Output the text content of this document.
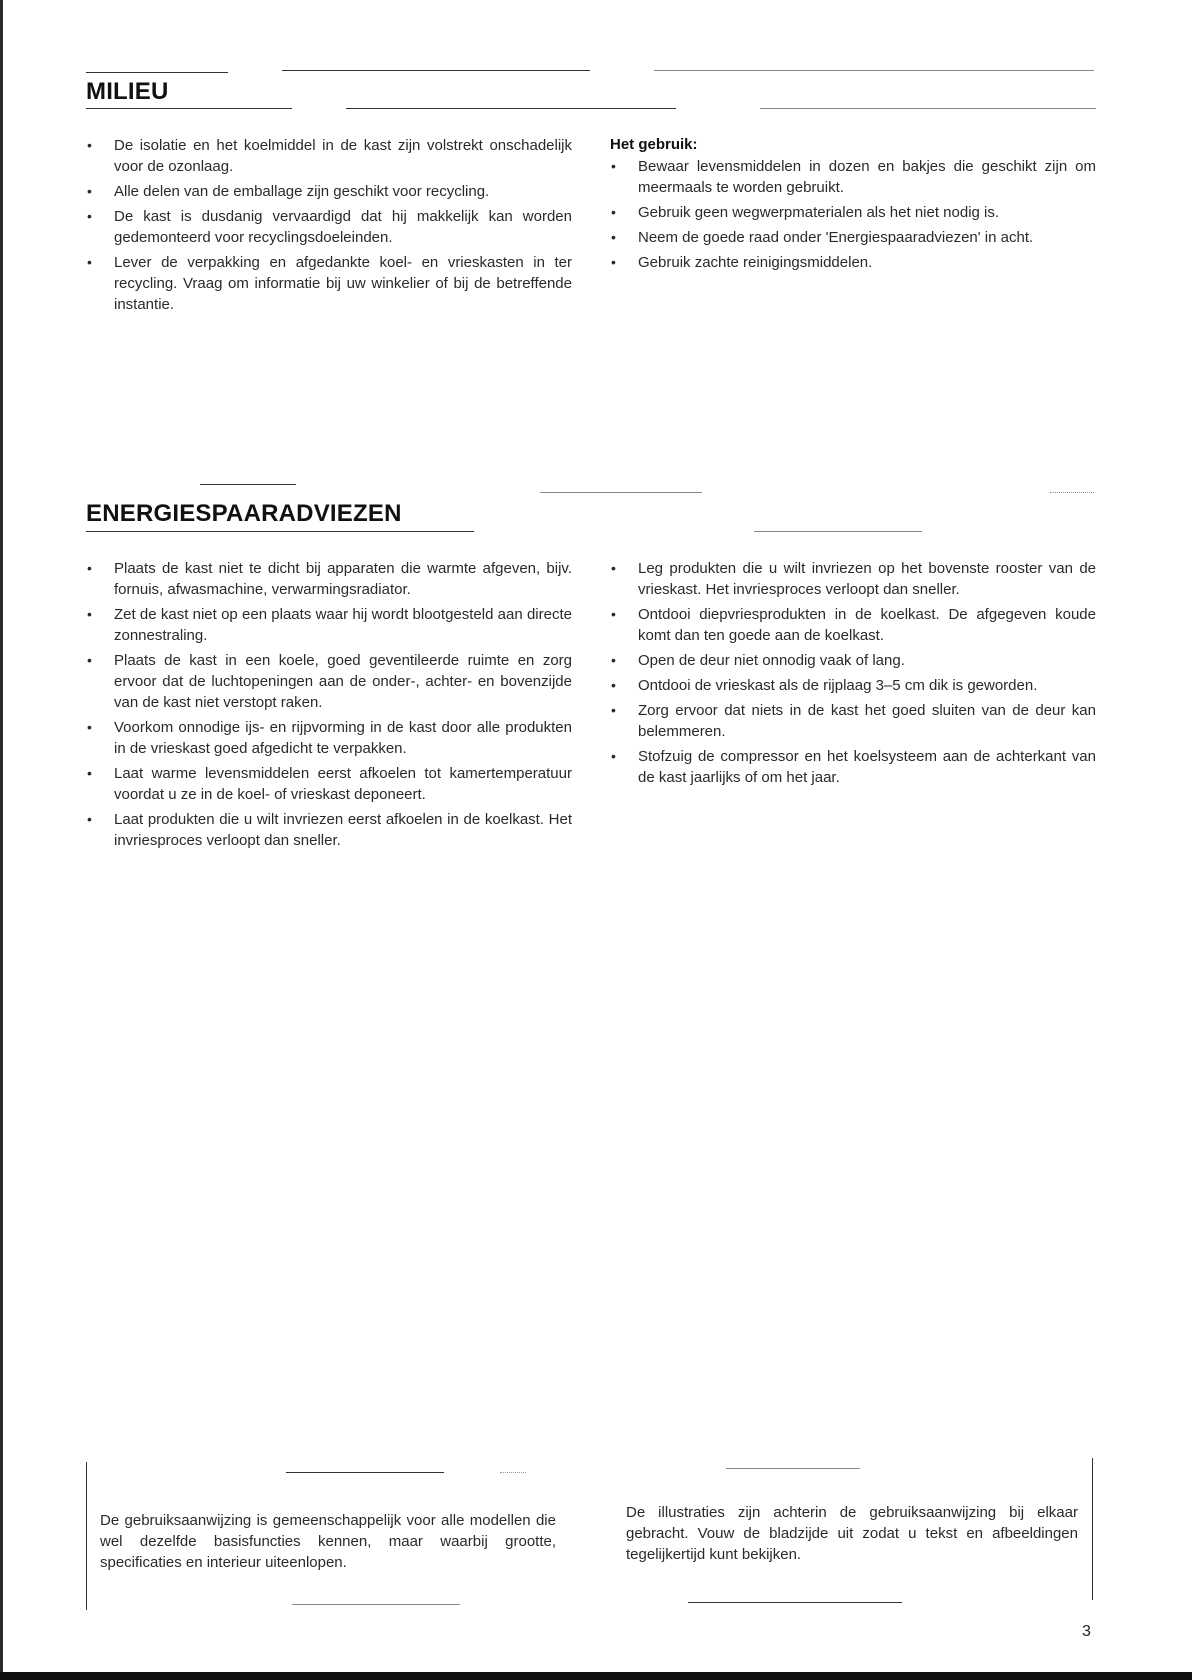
MILIEU
• De isolatie en het koelmiddel in de kast zijn volstrekt onschadelijk voor de ozonlaag.
• Alle delen van de emballage zijn geschikt voor recycling.
• De kast is dusdanig vervaardigd dat hij makkelijk kan worden gedemonteerd voor recyclingsdoeleinden.
• Lever de verpakking en afgedankte koel- en vrieskasten in ter recycling. Vraag om informatie bij uw winkelier of bij de betreffende instantie.

Het gebruik:

• Bewaar levensmiddelen in dozen en bakjes die geschikt zijn om meermaals te worden gebruikt.
• Gebruik geen wegwerpmaterialen als het niet nodig is.
• Neem de goede raad onder 'Energiespaaradviezen' in acht.
• Gebruik zachte reinigingsmiddelen.
ENERGIESPAARADVIEZEN
• Plaats de kast niet te dicht bij apparaten die warmte afgeven, bijv. fornuis, afwasmachine, verwarmingsradiator.
• Zet de kast niet op een plaats waar hij wordt blootgesteld aan directe zonnestraling.
• Plaats de kast in een koele, goed geventileerde ruimte en zorg ervoor dat de luchtopeningen aan de onder-, achter- en bovenzijde van de kast niet verstopt raken.
• Voorkom onnodige ijs- en rijpvorming in de kast door alle produkten in de vrieskast goed afgedicht te verpakken.
• Laat warme levensmiddelen eerst afkoelen tot kamertemperatuur voordat u ze in de koel- of vrieskast deponeert.
• Laat produkten die u wilt invriezen eerst afkoelen in de koelkast. Het invriesproces verloopt dan sneller.
• Leg produkten die u wilt invriezen op het bovenste rooster van de vrieskast. Het invriesproces verloopt dan sneller.
• Ontdooi diepvriesprodukten in de koelkast. De afgegeven koude komt dan ten goede aan de koelkast.
• Open de deur niet onnodig vaak of lang.
• Ontdooi de vrieskast als de rijplaag 3–5 cm dik is geworden.
• Zorg ervoor dat niets in de kast het goed sluiten van de deur kan belemmeren.
• Stofzuig de compressor en het koelsysteem aan de achterkant van de kast jaarlijks of om het jaar.
De gebruiksaanwijzing is gemeenschappelijk voor alle modellen die wel dezelfde basisfuncties kennen, maar waarbij grootte, specificaties en interieur uiteenlopen.
De illustraties zijn achterin de gebruiksaanwijzing bij elkaar gebracht. Vouw de bladzijde uit zodat u tekst en afbeeldingen tegelijkertijd kunt bekijken.
3
